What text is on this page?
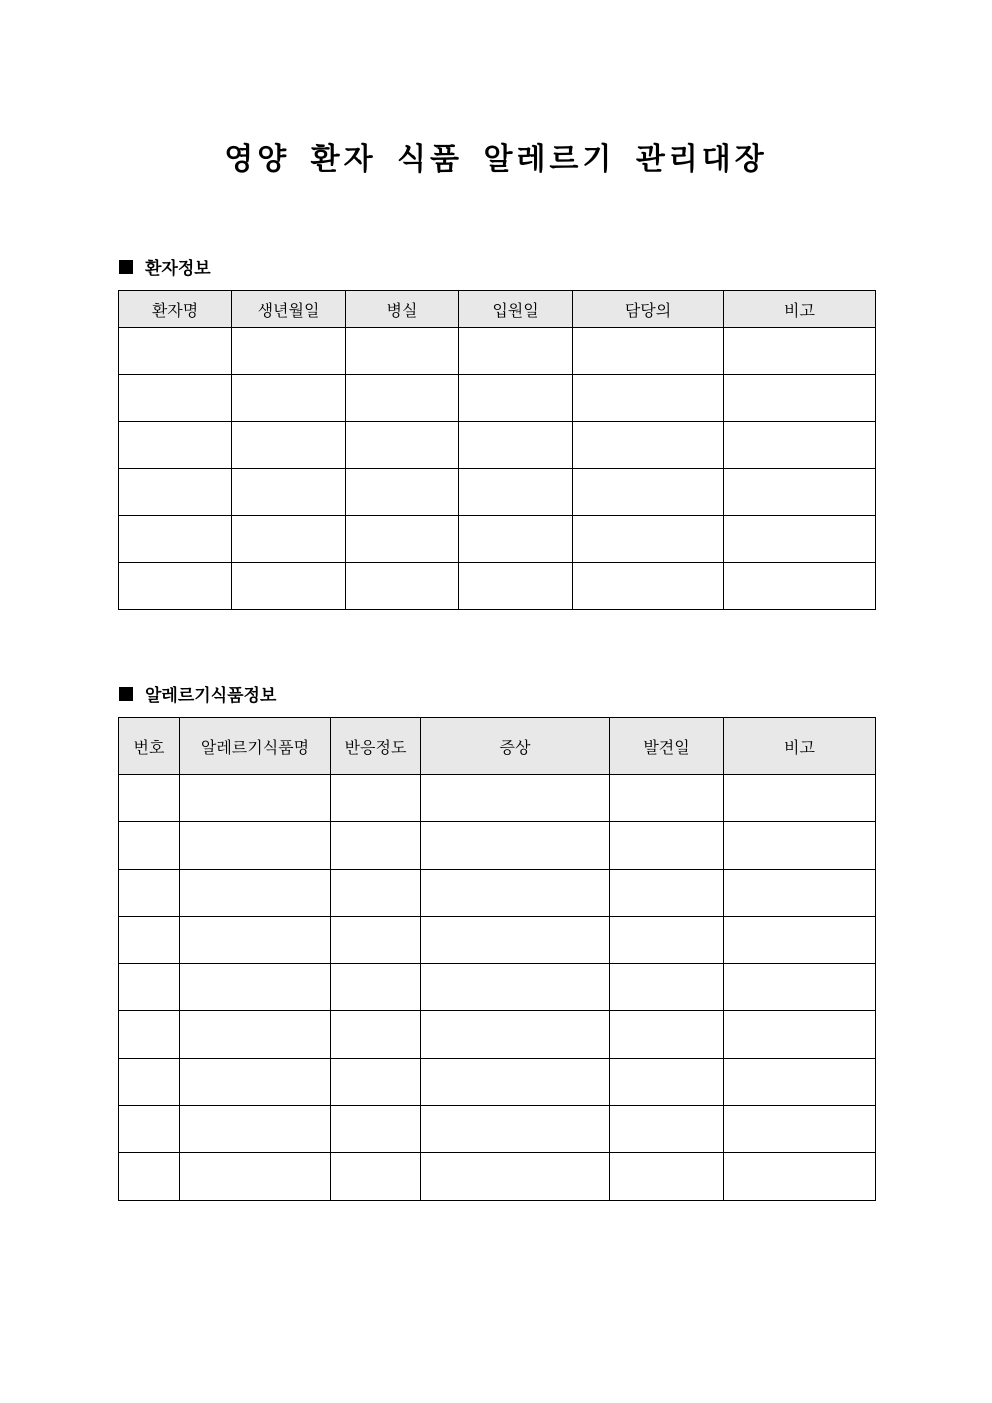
영양 환자 식품 알레르기 관리대장
환자정보
환자명	생년월일	병실	입원일	담당의	비고

알레르기식품정보
번호	알레르기식품명	반응정도	증상	발견일	비고
